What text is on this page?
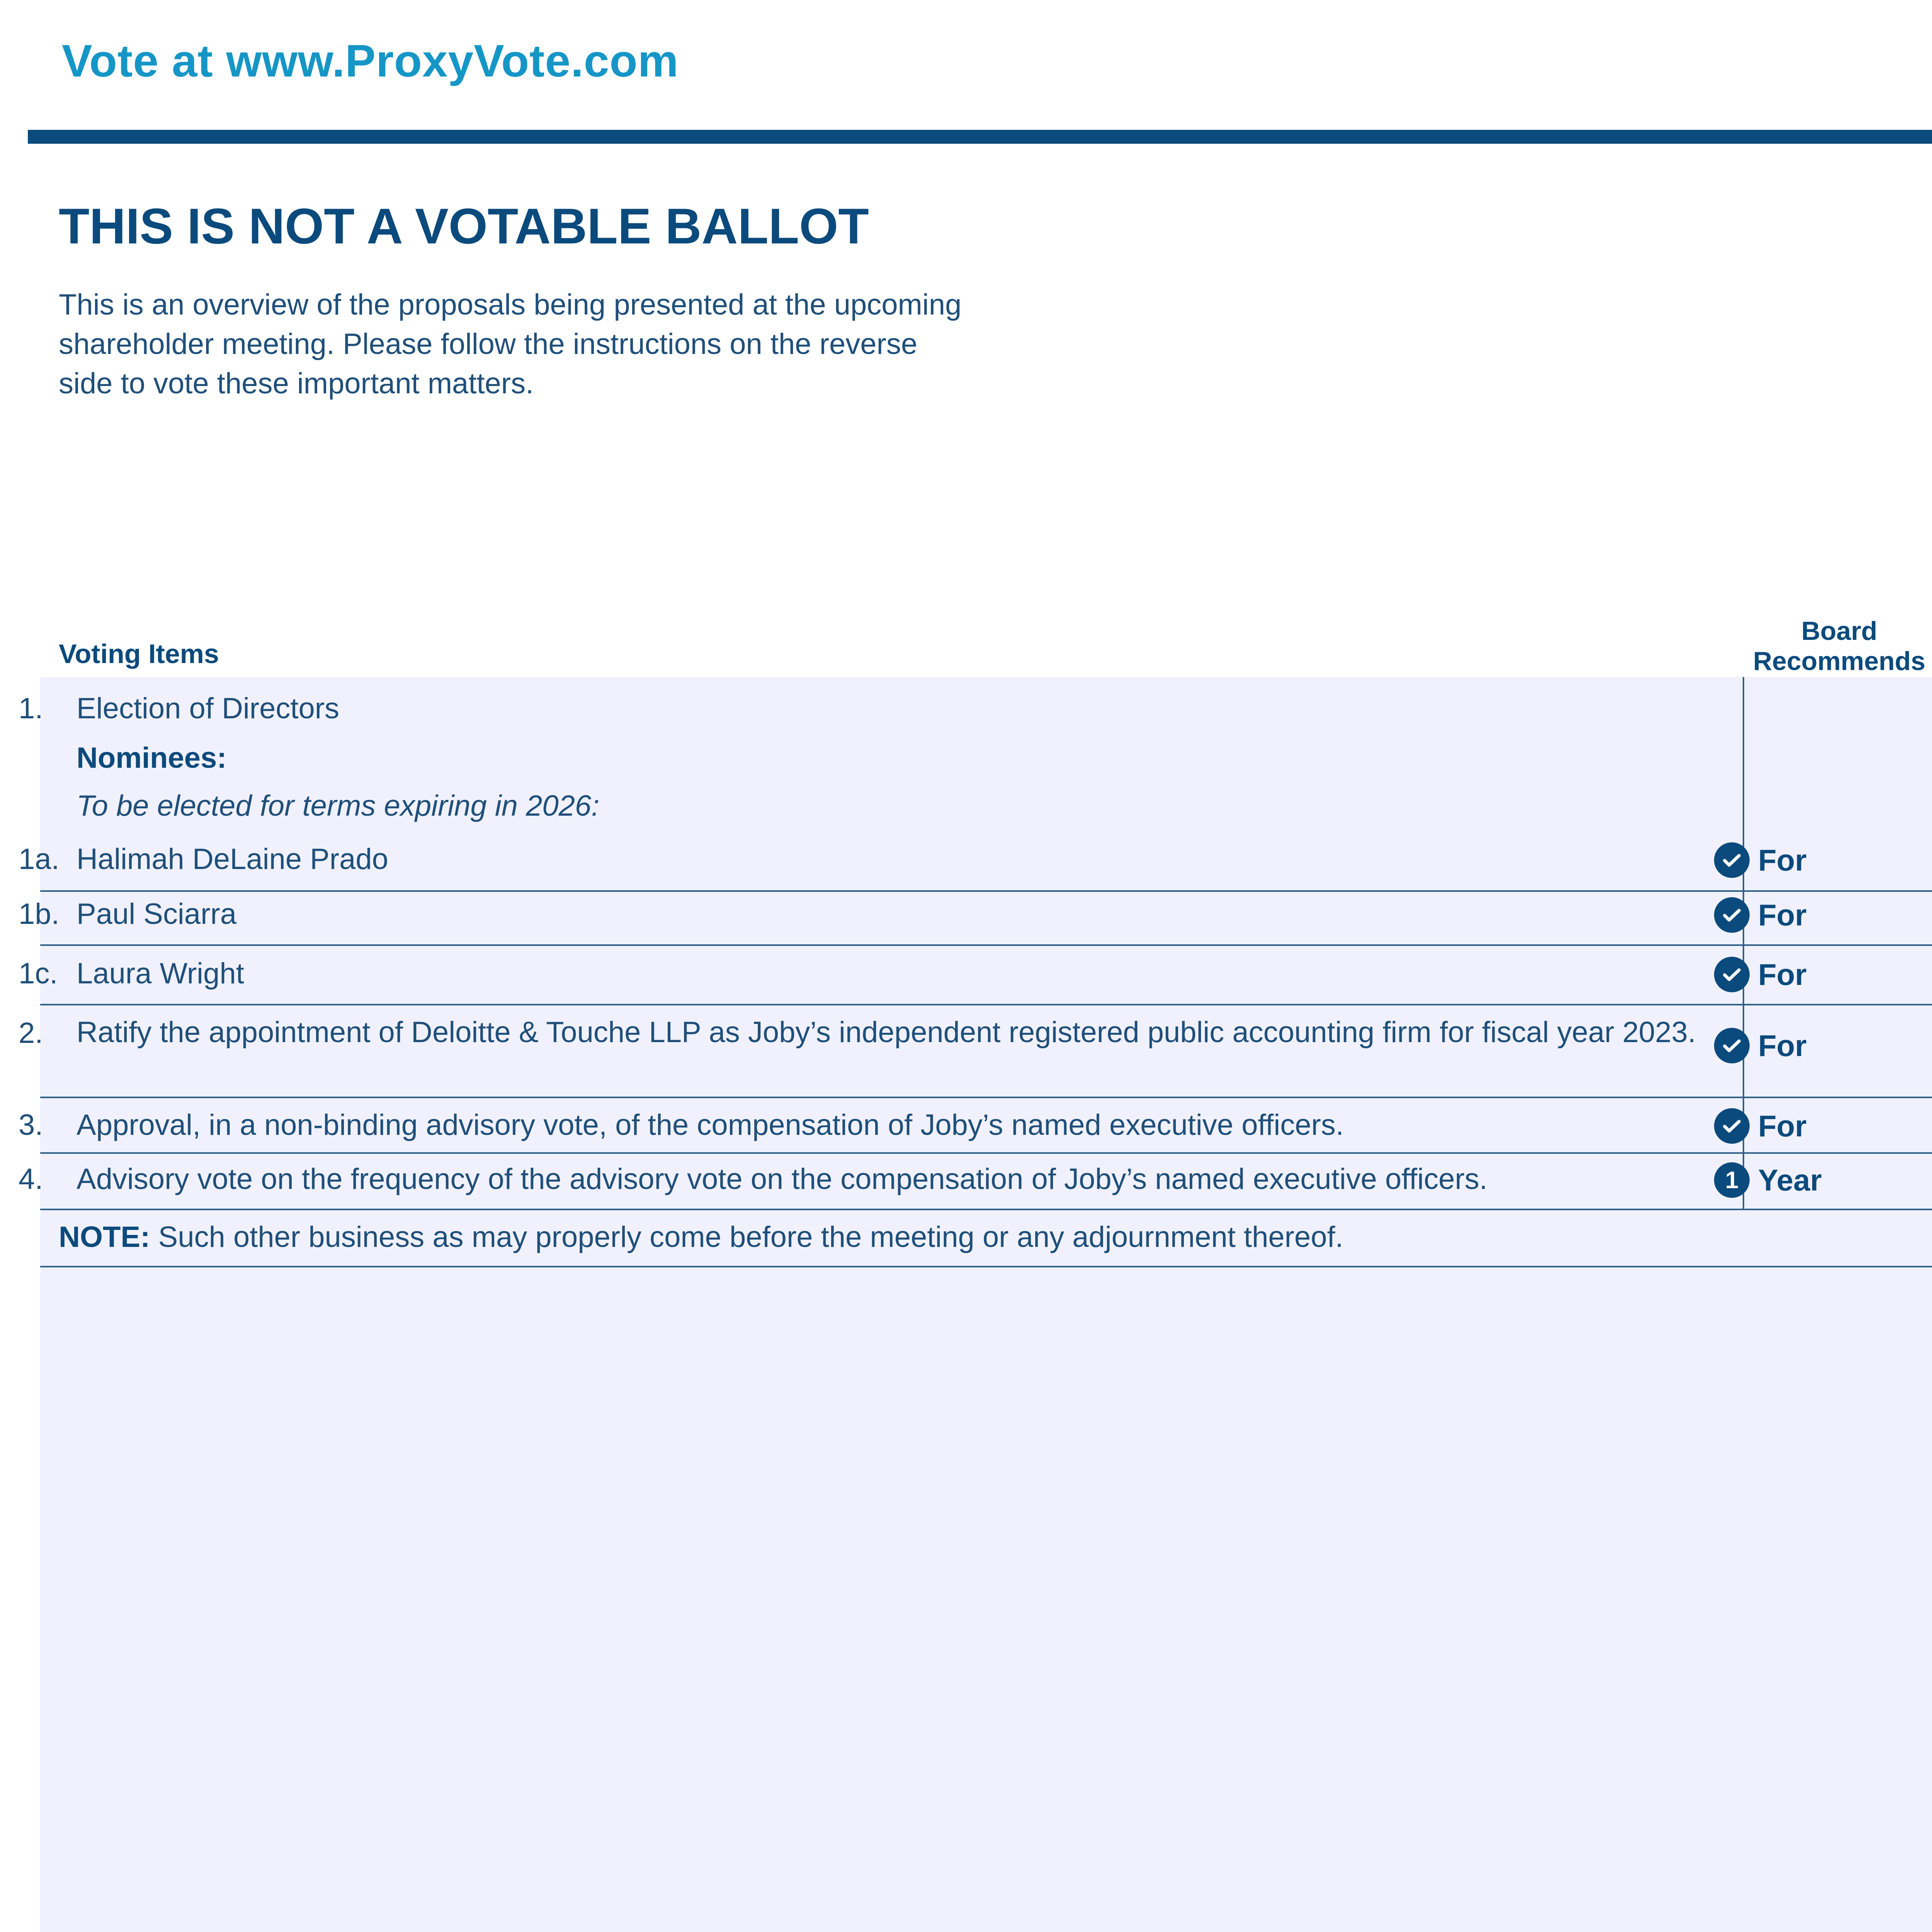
Vote at www.ProxyVote.com
THIS IS NOT A VOTABLE BALLOT
This is an overview of the proposals being presented at the upcoming shareholder meeting. Please follow the instructions on the reverse side to vote these important matters.
Voting Items
Board
Recommends
1. Election of Directors
Nominees:
To be elected for terms expiring in 2026:
1a. Halimah DeLaine Prado	For
1b. Paul Sciarra	For
1c. Laura Wright	For
2. Ratify the appointment of Deloitte & Touche LLP as Joby’s independent registered public accounting firm for fiscal year 2023.	For
3. Approval, in a non-binding advisory vote, of the compensation of Joby’s named executive officers.	For
4. Advisory vote on the frequency of the advisory vote on the compensation of Joby’s named executive officers.	1 Year
NOTE: Such other business as may properly come before the meeting or any adjournment thereof.
